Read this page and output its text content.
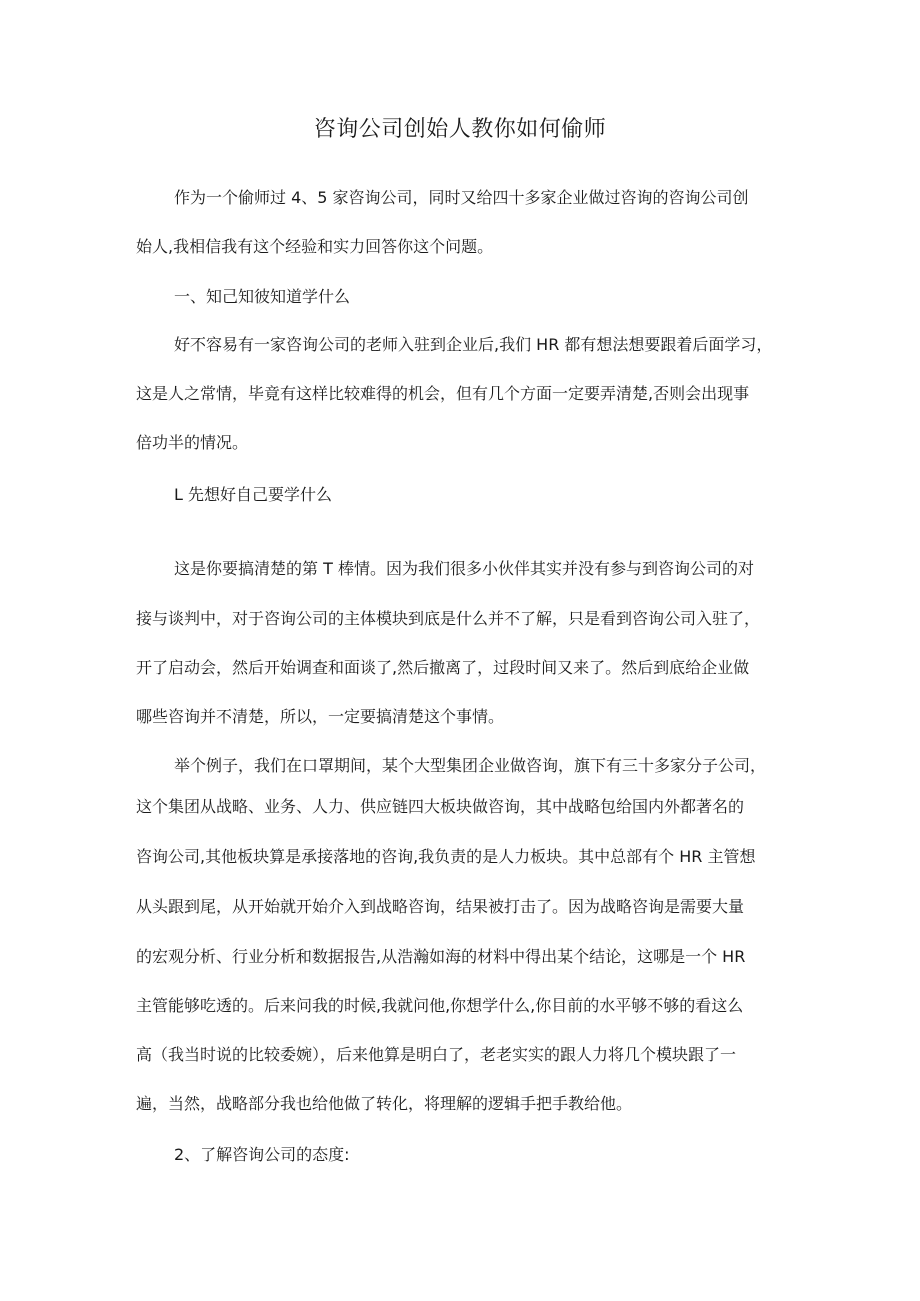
咨询公司创始人教你如何偷师

作为一个偷师过 4、5 家咨询公司，同时又给四十多家企业做过咨询的咨询公司创

始人,我相信我有这个经验和实力回答你这个问题。

一、知己知彼知道学什么

好不容易有一家咨询公司的老师入驻到企业后,我们 HR 都有想法想要跟着后面学习，

这是人之常情，毕竟有这样比较难得的机会，但有几个方面一定要弄清楚,否则会出现事

倍功半的情况。

L 先想好自己要学什么

这是你要搞清楚的第 T 棒情。因为我们很多小伙伴其实并没有参与到咨询公司的对

接与谈判中，对于咨询公司的主体模块到底是什么并不了解，只是看到咨询公司入驻了，

开了启动会，然后开始调查和面谈了,然后撤离了，过段时间又来了。然后到底给企业做

哪些咨询并不清楚，所以，一定要搞清楚这个事情。

举个例子，我们在口罩期间，某个大型集团企业做咨询，旗下有三十多家分子公司，

这个集团从战略、业务、人力、供应链四大板块做咨询，其中战略包给国内外都著名的

咨询公司,其他板块算是承接落地的咨询,我负责的是人力板块。其中总部有个 HR 主管想

从头跟到尾，从开始就开始介入到战略咨询，结果被打击了。因为战略咨询是需要大量

的宏观分析、行业分析和数据报告,从浩瀚如海的材料中得出某个结论，这哪是一个 HR

主管能够吃透的。后来问我的时候,我就问他,你想学什么,你目前的水平够不够的看这么

高（我当时说的比较委婉），后来他算是明白了，老老实实的跟人力将几个模块跟了一

遍，当然，战略部分我也给他做了转化，将理解的逻辑手把手教给他。

2、了解咨询公司的态度:
